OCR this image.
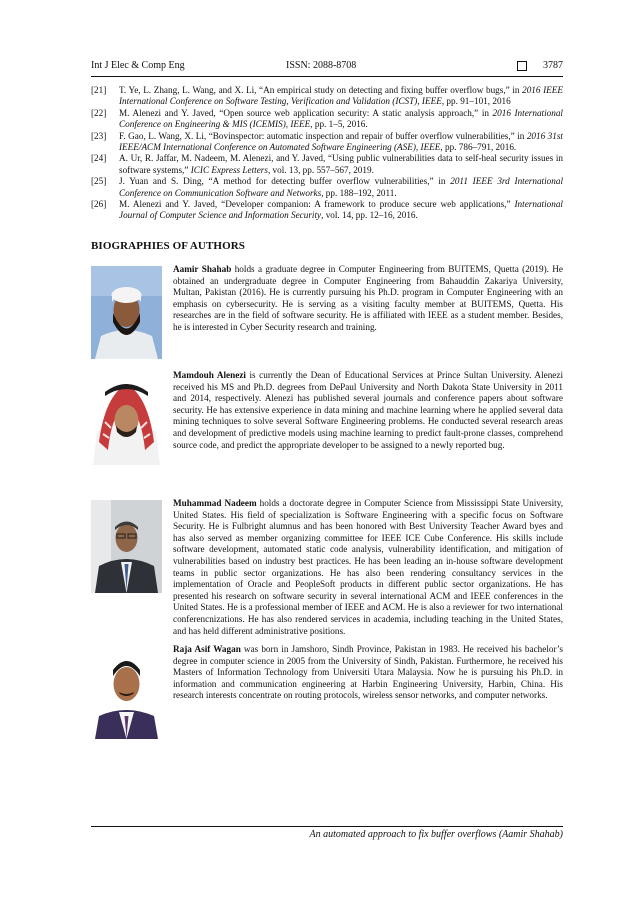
Int J Elec & Comp Eng	ISSN: 2088-8708	3787
[21] T. Ye, L. Zhang, L. Wang, and X. Li, “An empirical study on detecting and fixing buffer overflow bugs,” in 2016 IEEE International Conference on Software Testing, Verification and Validation (ICST), IEEE, pp. 91–101, 2016
[22] M. Alenezi and Y. Javed, “Open source web application security: A static analysis approach,” in 2016 International Conference on Engineering & MIS (ICEMIS), IEEE, pp. 1–5, 2016.
[23] F. Gao, L. Wang, X. Li, “Bovinspector: automatic inspection and repair of buffer overflow vulnerabilities,” in 2016 31st IEEE/ACM International Conference on Automated Software Engineering (ASE), IEEE, pp. 786–791, 2016.
[24] A. Ur, R. Jaffar, M. Nadeem, M. Alenezi, and Y. Javed, “Using public vulnerabilities data to self-heal security issues in software systems,” ICIC Express Letters, vol. 13, pp. 557–567, 2019.
[25] J. Yuan and S. Ding, “A method for detecting buffer overflow vulnerabilities,” in 2011 IEEE 3rd International Conference on Communication Software and Networks, pp. 188–192, 2011.
[26] M. Alenezi and Y. Javed, “Developer companion: A framework to produce secure web applications,” International Journal of Computer Science and Information Security, vol. 14, pp. 12–16, 2016.
BIOGRAPHIES OF AUTHORS
Aamir Shahab holds a graduate degree in Computer Engineering from BUITEMS, Quetta (2019). He obtained an undergraduate degree in Computer Engineering from Bahauddin Zakariya University, Multan, Pakistan (2016). He is currently pursuing his Ph.D. program in Computer Engineering with an emphasis on cybersecurity. He is serving as a visiting faculty member at BUITEMS, Quetta. His researches are in the field of software security. He is affiliated with IEEE as a student member. Besides, he is interested in Cyber Security research and training.
Mamdouh Alenezi is currently the Dean of Educational Services at Prince Sultan University. Alenezi received his MS and Ph.D. degrees from DePaul University and North Dakota State University in 2011 and 2014, respectively. Alenezi has published several journals and conference papers about software security. He has extensive experience in data mining and machine learning where he applied several data mining techniques to solve several Software Engineering problems. He conducted several research areas and development of predictive models using machine learning to predict fault-prone classes, comprehend source code, and predict the appropriate developer to be assigned to a newly reported bug.
Muhammad Nadeem holds a doctorate degree in Computer Science from Mississippi State University, United States. His field of specialization is Software Engineering with a specific focus on Software Security. He is Fulbright alumnus and has been honored with Best University Teacher Award byes and has also served as member organizing committee for IEEE ICE Cube Conference. His skills include software development, automated static code analysis, vulnerability identification, and mitigation of vulnerabilities based on industry best practices. He has been leading an in-house software development teams in public sector organizations. He has also been rendering consultancy services in the implementation of Oracle and PeopleSoft products in different public sector organizations. He has presented his research on software security in several international ACM and IEEE conferences in the United States. He is a professional member of IEEE and ACM. He is also a reviewer for two international conferencnizations. He has also rendered services in academia, including teaching in the United States, and has held different administrative positions.
Raja Asif Wagan was born in Jamshoro, Sindh Province, Pakistan in 1983. He received his bachelor’s degree in computer science in 2005 from the University of Sindh, Pakistan. Furthermore, he received his Masters of Information Technology from Universiti Utara Malaysia. Now he is pursuing his Ph.D. in information and communication engineering at Harbin Engineering University, Harbin, China. His research interests concentrate on routing protocols, wireless sensor networks, and computer networks.
An automated approach to fix buffer overflows (Aamir Shahab)
